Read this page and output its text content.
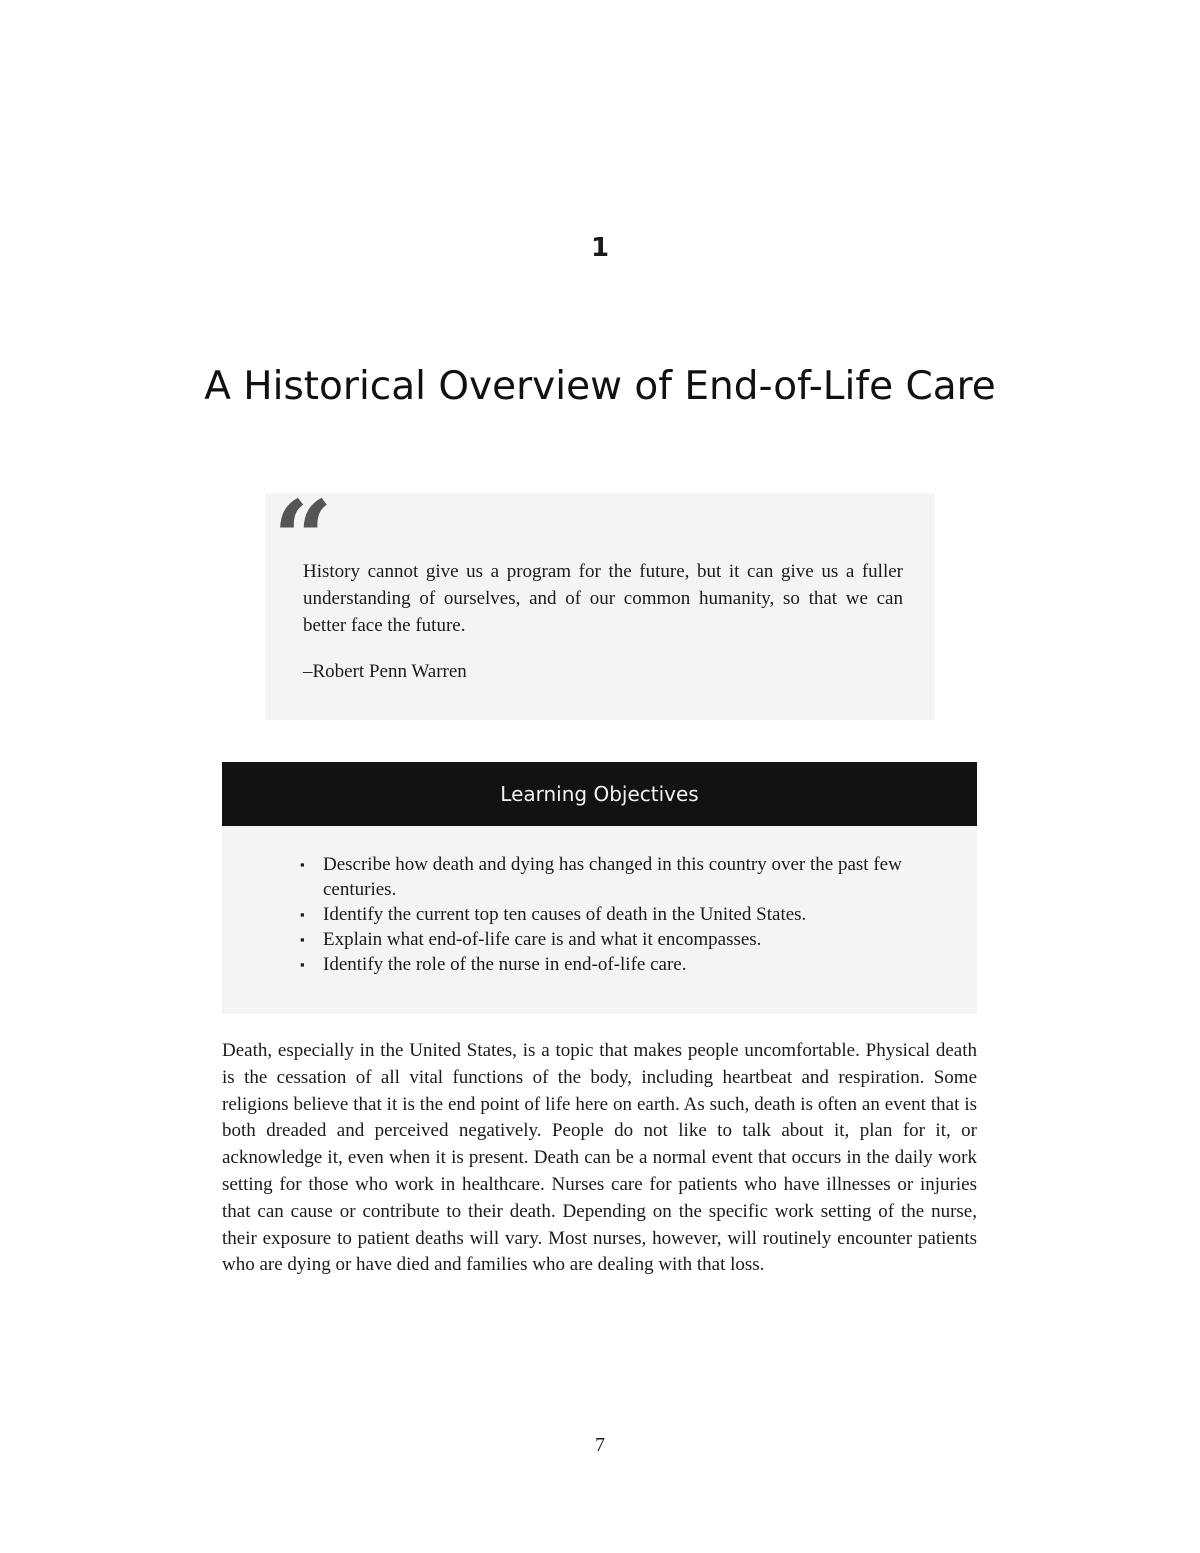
1
A Historical Overview of End-of-Life Care
“

History cannot give us a program for the future, but it can give us a fuller understanding of ourselves, and of our common humanity, so that we can better face the future.

–Robert Penn Warren

Learning Objectives
▪ Describe how death and dying has changed in this country over the past few centuries.
▪ Identify the current top ten causes of death in the United States.
▪ Explain what end-of-life care is and what it encompasses.
▪ Identify the role of the nurse in end-of-life care.

Death, especially in the United States, is a topic that makes people uncomfortable. Physical death is the cessation of all vital functions of the body, including heartbeat and respiration. Some religions believe that it is the end point of life here on earth. As such, death is often an event that is both dreaded and perceived negatively. People do not like to talk about it, plan for it, or acknowledge it, even when it is present. Death can be a normal event that occurs in the daily work setting for those who work in healthcare. Nurses care for patients who have illnesses or injuries that can cause or contribute to their death. Depending on the specific work setting of the nurse, their exposure to patient deaths will vary. Most nurses, however, will routinely encounter patients who are dying or have died and families who are dealing with that loss.

7
